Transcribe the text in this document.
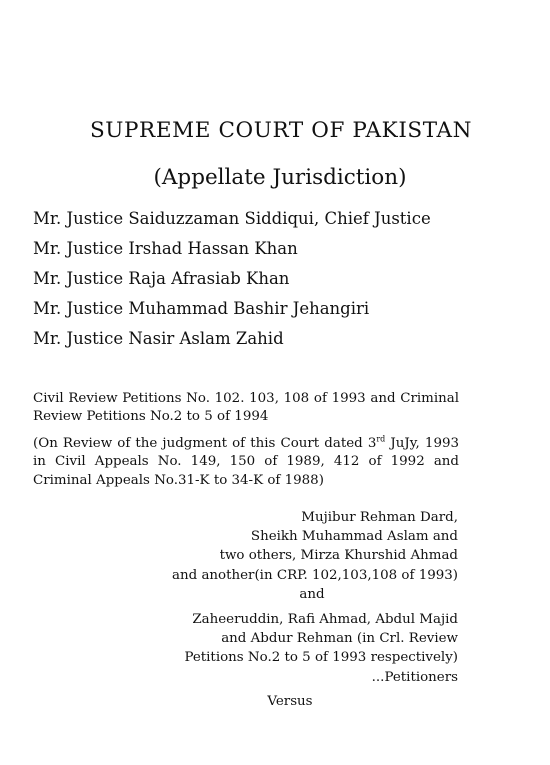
SUPREME COURT OF PAKISTAN
(Appellate Jurisdiction)
Mr. Justice Saiduzzaman Siddiqui, Chief Justice
Mr. Justice Irshad Hassan Khan
Mr. Justice Raja Afrasiab Khan
Mr. Justice Muhammad Bashir Jehangiri
Mr. Justice Nasir Aslam Zahid

Civil Review Petitions No. 102. 103, 108 of 1993 and Criminal Review Petitions No.2 to 5 of 1994

(On Review of the judgment of this Court dated 3rd JuJy, 1993 in Civil Appeals No. 149, 150 of 1989, 412 of 1992 and Criminal Appeals No.31-K to 34-K of 1988)

Mujibur Rehman Dard,
Sheikh Muhammad Aslam and
two others, Mirza Khurshid Ahmad
and another(in CRP. 102,103,108 of 1993)
and
Zaheeruddin, Rafi Ahmad, Abdul Majid
and Abdur Rehman (in Crl. Review
Petitions No.2 to 5 of 1993 respectively)
...Petitioners
Versus
